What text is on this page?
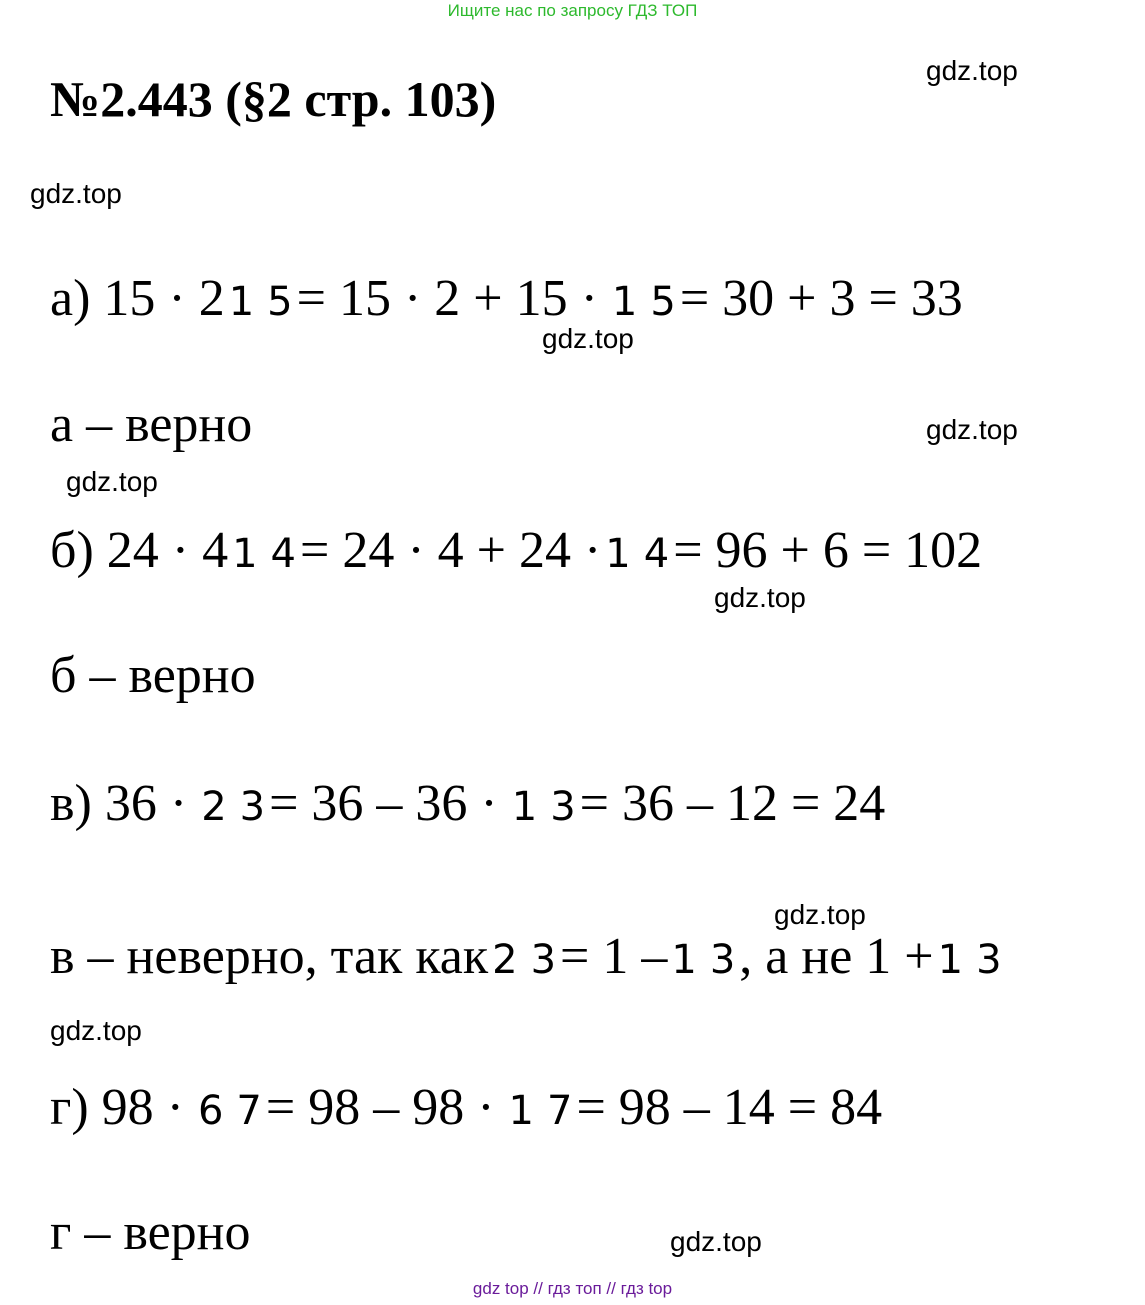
Ищите нас по запросу ГДЗ ТОП
№2.443 (§2 стр. 103)
gdz.top
gdz.top
gdz.top
gdz.top
gdz.top
gdz.top
gdz.top
gdz.top
gdz.top
а) 15 · 2 1 5 = 15 · 2 + 15 · 1 5 = 30 + 3 = 33
а – верно
б) 24 · 4 1 4 = 24 · 4 + 24 · 1 4 = 96 + 6 = 102
б – верно
в) 36 · 2 3 = 36 – 36 · 1 3 = 36 – 12 = 24
в – неверно, так как 2 3 = 1 – 1 3 , а не 1 + 1 3
г) 98 · 6 7 = 98 – 98 · 1 7 = 98 – 14 = 84
г – верно
gdz top // гдз топ // гдз top
